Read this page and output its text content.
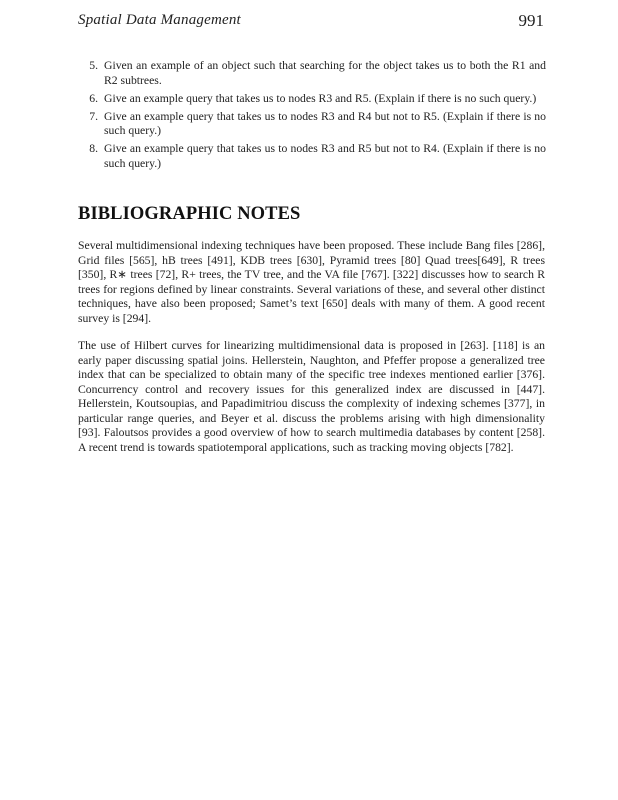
Spatial Data Management	991
5. Given an example of an object such that searching for the object takes us to both the R1 and R2 subtrees.
6. Give an example query that takes us to nodes R3 and R5. (Explain if there is no such query.)
7. Give an example query that takes us to nodes R3 and R4 but not to R5. (Explain if there is no such query.)
8. Give an example query that takes us to nodes R3 and R5 but not to R4. (Explain if there is no such query.)
BIBLIOGRAPHIC NOTES

Several multidimensional indexing techniques have been proposed. These include Bang files [286], Grid files [565], hB trees [491], KDB trees [630], Pyramid trees [80] Quad trees[649], R trees [350], R∗ trees [72], R+ trees, the TV tree, and the VA file [767]. [322] discusses how to search R trees for regions defined by linear constraints. Several variations of these, and several other distinct techniques, have also been proposed; Samet’s text [650] deals with many of them. A good recent survey is [294].

The use of Hilbert curves for linearizing multidimensional data is proposed in [263]. [118] is an early paper discussing spatial joins. Hellerstein, Naughton, and Pfeffer propose a generalized tree index that can be specialized to obtain many of the specific tree indexes mentioned earlier [376]. Concurrency control and recovery issues for this generalized index are discussed in [447]. Hellerstein, Koutsoupias, and Papadimitriou discuss the complexity of indexing schemes [377], in particular range queries, and Beyer et al. discuss the problems arising with high dimensionality [93]. Faloutsos provides a good overview of how to search multimedia databases by content [258]. A recent trend is towards spatiotemporal applications, such as tracking moving objects [782].
